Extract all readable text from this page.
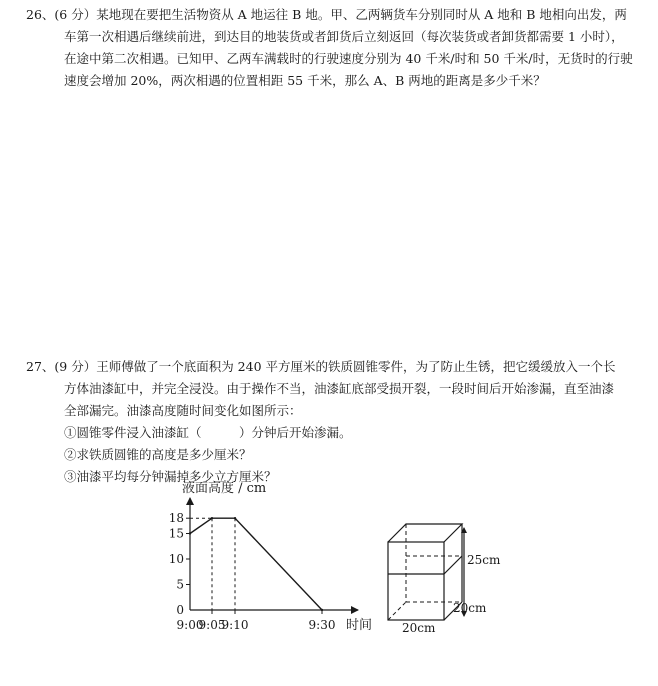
26、(6 分）某地现在要把生活物资从 A 地运往 B 地。甲、乙两辆货车分别同时从 A 地和 B 地相向出发，两
车第一次相遇后继续前进，到达目的地装货或者卸货后立刻返回（每次装货或者卸货都需要 1 小时），
在途中第二次相遇。已知甲、乙两车满载时的行驶速度分别为 40 千米/时和 50 千米/时，无货时的行驶
速度会增加 20%，两次相遇的位置相距 55 千米，那么 A、B 两地的距离是多少千米？
27、(9 分）王师傅做了一个底面积为 240 平方厘米的铁质圆锥零件，为了防止生锈，把它缓缓放入一个长
方体油漆缸中，并完全浸没。由于操作不当，油漆缸底部受损开裂，一段时间后开始渗漏，直至油漆
全部漏完。油漆高度随时间变化如图所示：
①圆锥零件浸入油漆缸（　　　）分钟后开始渗漏。
②求铁质圆锥的高度是多少厘米？
③油漆平均每分钟漏掉多少立方厘米？
液面高度 / cm
时间
0
5
10
15
18
9:00
9:05
9:10	9:30
25cm
20cm
20cm
